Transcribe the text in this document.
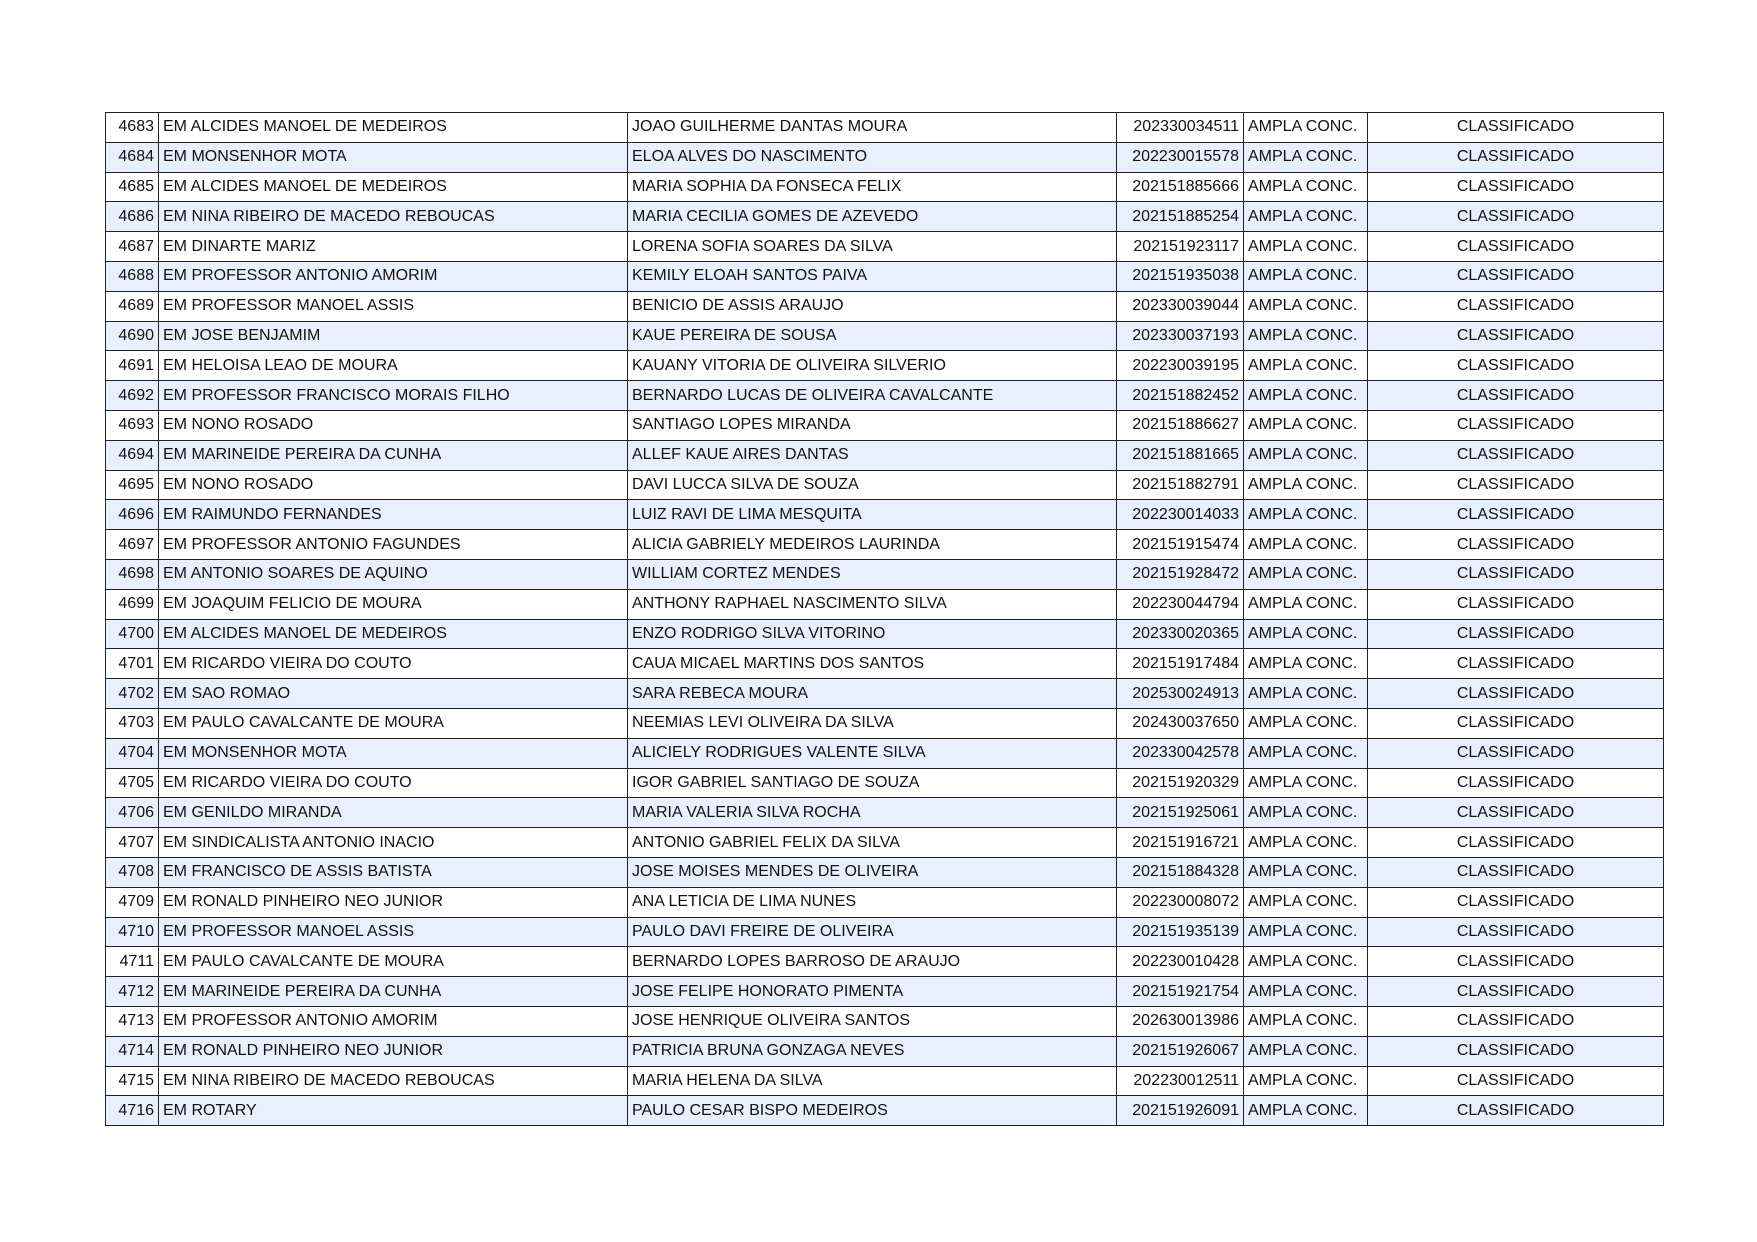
4683	EM ALCIDES MANOEL DE MEDEIROS	JOAO GUILHERME DANTAS MOURA	202330034511	AMPLA CONC.	CLASSIFICADO
4684	EM MONSENHOR MOTA	ELOA ALVES DO NASCIMENTO	202230015578	AMPLA CONC.	CLASSIFICADO
4685	EM ALCIDES MANOEL DE MEDEIROS	MARIA SOPHIA DA FONSECA FELIX	202151885666	AMPLA CONC.	CLASSIFICADO
4686	EM NINA RIBEIRO DE MACEDO REBOUCAS	MARIA CECILIA GOMES DE AZEVEDO	202151885254	AMPLA CONC.	CLASSIFICADO
4687	EM DINARTE MARIZ	LORENA SOFIA SOARES DA SILVA	202151923117	AMPLA CONC.	CLASSIFICADO
4688	EM PROFESSOR ANTONIO AMORIM	KEMILY ELOAH SANTOS PAIVA	202151935038	AMPLA CONC.	CLASSIFICADO
4689	EM PROFESSOR MANOEL ASSIS	BENICIO DE ASSIS ARAUJO	202330039044	AMPLA CONC.	CLASSIFICADO
4690	EM JOSE BENJAMIM	KAUE PEREIRA DE SOUSA	202330037193	AMPLA CONC.	CLASSIFICADO
4691	EM HELOISA LEAO DE MOURA	KAUANY VITORIA DE OLIVEIRA SILVERIO	202230039195	AMPLA CONC.	CLASSIFICADO
4692	EM PROFESSOR FRANCISCO MORAIS FILHO	BERNARDO LUCAS DE OLIVEIRA CAVALCANTE	202151882452	AMPLA CONC.	CLASSIFICADO
4693	EM NONO ROSADO	SANTIAGO LOPES MIRANDA	202151886627	AMPLA CONC.	CLASSIFICADO
4694	EM MARINEIDE PEREIRA DA CUNHA	ALLEF KAUE AIRES DANTAS	202151881665	AMPLA CONC.	CLASSIFICADO
4695	EM NONO ROSADO	DAVI LUCCA SILVA DE SOUZA	202151882791	AMPLA CONC.	CLASSIFICADO
4696	EM RAIMUNDO FERNANDES	LUIZ RAVI DE LIMA MESQUITA	202230014033	AMPLA CONC.	CLASSIFICADO
4697	EM PROFESSOR ANTONIO FAGUNDES	ALICIA GABRIELY MEDEIROS LAURINDA	202151915474	AMPLA CONC.	CLASSIFICADO
4698	EM ANTONIO SOARES DE AQUINO	WILLIAM CORTEZ MENDES	202151928472	AMPLA CONC.	CLASSIFICADO
4699	EM JOAQUIM FELICIO DE MOURA	ANTHONY RAPHAEL NASCIMENTO SILVA	202230044794	AMPLA CONC.	CLASSIFICADO
4700	EM ALCIDES MANOEL DE MEDEIROS	ENZO RODRIGO SILVA VITORINO	202330020365	AMPLA CONC.	CLASSIFICADO
4701	EM RICARDO VIEIRA DO COUTO	CAUA MICAEL MARTINS DOS SANTOS	202151917484	AMPLA CONC.	CLASSIFICADO
4702	EM SAO ROMAO	SARA REBECA MOURA	202530024913	AMPLA CONC.	CLASSIFICADO
4703	EM PAULO CAVALCANTE DE MOURA	NEEMIAS LEVI OLIVEIRA DA SILVA	202430037650	AMPLA CONC.	CLASSIFICADO
4704	EM MONSENHOR MOTA	ALICIELY RODRIGUES VALENTE SILVA	202330042578	AMPLA CONC.	CLASSIFICADO
4705	EM RICARDO VIEIRA DO COUTO	IGOR GABRIEL SANTIAGO DE SOUZA	202151920329	AMPLA CONC.	CLASSIFICADO
4706	EM GENILDO MIRANDA	MARIA VALERIA SILVA ROCHA	202151925061	AMPLA CONC.	CLASSIFICADO
4707	EM SINDICALISTA ANTONIO INACIO	ANTONIO GABRIEL FELIX DA SILVA	202151916721	AMPLA CONC.	CLASSIFICADO
4708	EM FRANCISCO DE ASSIS BATISTA	JOSE MOISES MENDES DE OLIVEIRA	202151884328	AMPLA CONC.	CLASSIFICADO
4709	EM RONALD PINHEIRO NEO JUNIOR	ANA LETICIA DE LIMA NUNES	202230008072	AMPLA CONC.	CLASSIFICADO
4710	EM PROFESSOR MANOEL ASSIS	PAULO DAVI FREIRE DE OLIVEIRA	202151935139	AMPLA CONC.	CLASSIFICADO
4711	EM PAULO CAVALCANTE DE MOURA	BERNARDO LOPES BARROSO DE ARAUJO	202230010428	AMPLA CONC.	CLASSIFICADO
4712	EM MARINEIDE PEREIRA DA CUNHA	JOSE FELIPE HONORATO PIMENTA	202151921754	AMPLA CONC.	CLASSIFICADO
4713	EM PROFESSOR ANTONIO AMORIM	JOSE HENRIQUE OLIVEIRA SANTOS	202630013986	AMPLA CONC.	CLASSIFICADO
4714	EM RONALD PINHEIRO NEO JUNIOR	PATRICIA BRUNA GONZAGA NEVES	202151926067	AMPLA CONC.	CLASSIFICADO
4715	EM NINA RIBEIRO DE MACEDO REBOUCAS	MARIA HELENA DA SILVA	202230012511	AMPLA CONC.	CLASSIFICADO
4716	EM ROTARY	PAULO CESAR BISPO MEDEIROS	202151926091	AMPLA CONC.	CLASSIFICADO
